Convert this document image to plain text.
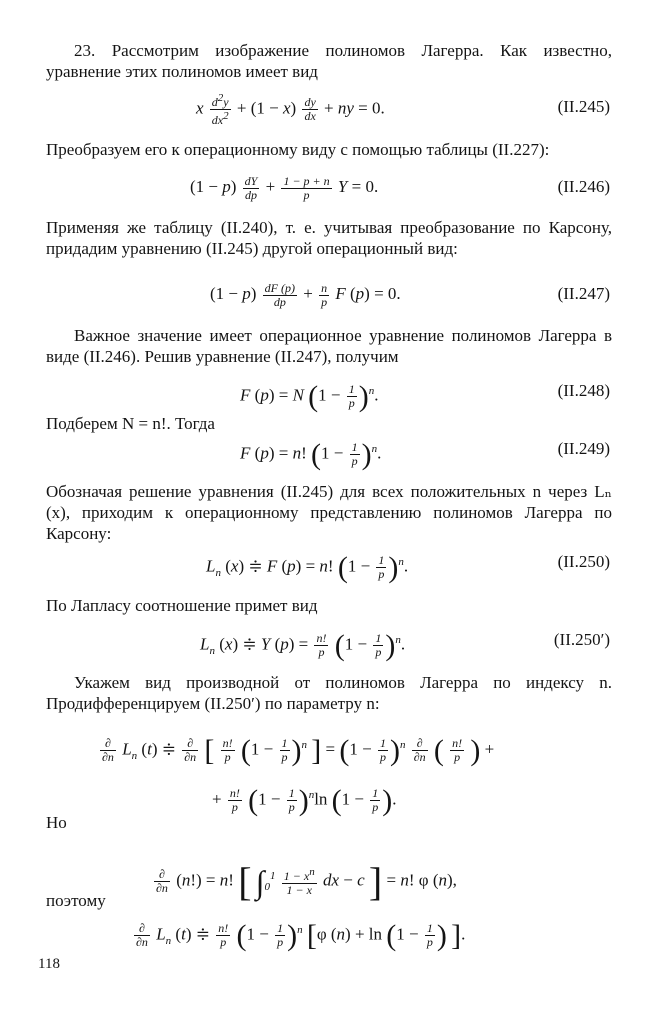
23. Рассмотрим изображение полиномов Лагерра. Как известно, уравнение этих полиномов имеет вид

x $\frac{d2y}{dx2} + (1 - x) \frac{dy}{dx}$ + ny = 0.	(II.245)

Преобразуем его к операционному виду с помощью таблицы (II.227):

$(1 - p) \frac{dY}{dp} + \frac{1 - p + n}{p}$ Y = 0.	(II.246)

Применяя же таблицу (II.240), т. е. учитывая преобразование по Карсону, придадим уравнению (II.245) другой операционный вид:

$(1 - p) \frac{dF (p)}{dp} + \frac{n}{p}$ F (p) = 0.	(II.247)

Важное значение имеет операционное уравнение полиномов Лагерра в виде (II.246). Решив уравнение (II.247), получим

F (p) = N $(1 - \frac{1}{p} )^n$.	(II.248)

Подберем N = n!. Тогда

F (p) = n! $(1 - \frac{1}{p} )^n$.	(II.249)

Обозначая решение уравнения (II.245) для всех положительных n через Lₙ (x), приходим к операционному представлению полиномов Лагерра по Карсону:

$L_n$ (x) ≑ F (p) = n! $(1 - \frac{1}{p} )^n$.	(II.250)

По Лапласу соотношение примет вид

$L_n$ (x) ≑ Y $(p) = \frac{n!}{p} (1 - \frac{1}{p} )^n$.	(II.250′)

Укажем вид производной от полиномов Лагерра по индексу n. Продифференцируем (II.250′) по параметру n:

$\frac{\partial}{\partial n} L_n$ (t) ≑ $\frac{\partial}{\partial n}$ [ $\frac{n!}{p} (1 - \frac{1}{p} )^n$ ] = $(1 - \frac{1}{p} )^n \frac{\partial}{\partial n}$ ( $\frac{n!}{p}$ ) +
+ $\frac{n!}{p} (1 - \frac{1}{p} )^n\ln$ ($1 - \frac{1}{p}$ ).

Но

$\frac{\partial}{\partial n} (n!) = n$! [ $\int_0^1 \frac{1 - xn}{1 - x}$ dx − c ] = n! φ (n),

поэтому

$\frac{\partial}{\partial n} L_n$ (t) ≑ $\frac{n!}{p} (1 - \frac{1}{p} )^n$ [φ $(n) + \ln (1 - \frac{1}{p}$ ) ].
118
